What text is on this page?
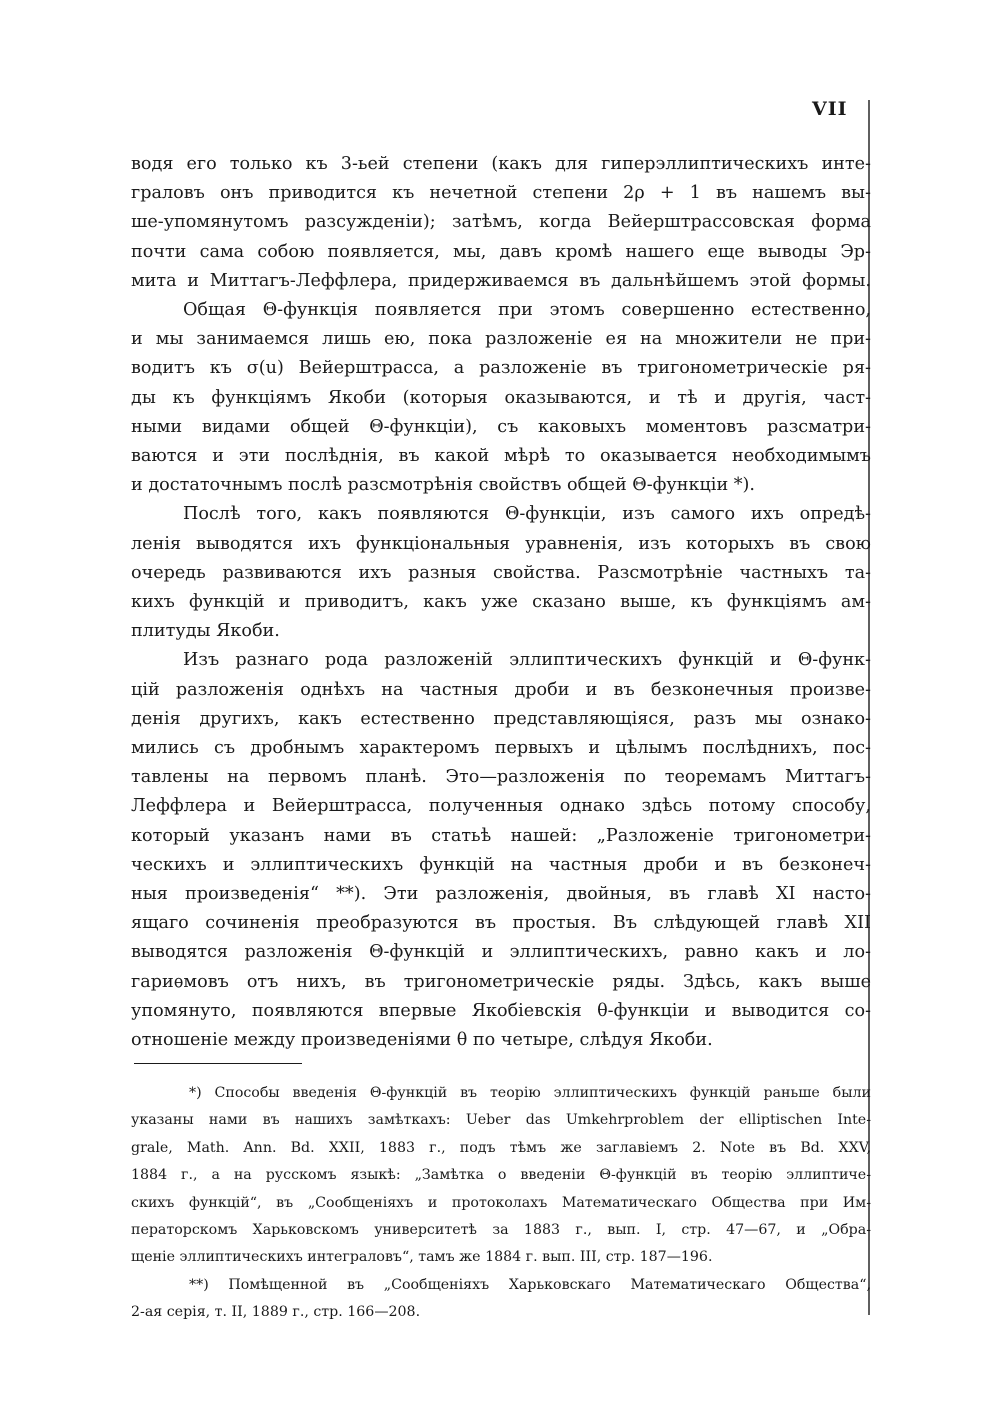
VII

водя его только къ 3-ьей степени (какъ для гиперэллиптическихъ инте-
граловъ онъ приводится къ нечетной степени 2ρ + 1 въ нашемъ вы-
ше-упомянутомъ разсужденіи); затѣмъ, когда Вейерштрассовская форма
почти сама собою появляется, мы, давъ кромѣ нашего еще выводы Эр-
мита и Миттагъ-Леффлера, придерживаемся въ дальнѣйшемъ этой формы.

Общая Θ-функція появляется при этомъ совершенно естественно,
и мы занимаемся лишь ею, пока разложеніе ея на множители не при-
водитъ къ σ(u) Вейерштрасса, а разложеніе въ тригонометрическіе ря-
ды къ функціямъ Якоби (которыя оказываются, и тѣ и другія, част-
ными видами общей Θ-функціи), съ каковыхъ моментовъ разсматри-
ваются и эти послѣднія, въ какой мѣрѣ то оказывается необходимымъ
и достаточнымъ послѣ разсмотрѣнія свойствъ общей Θ-функціи *).

Послѣ того, какъ появляются Θ-функціи, изъ самого ихъ опредѣ-
ленія выводятся ихъ функціональныя уравненія, изъ которыхъ въ свою
очередь развиваются ихъ разныя свойства. Разсмотрѣніе частныхъ та-
кихъ функцій и приводитъ, какъ уже сказано выше, къ функціямъ ам-
плитуды Якоби.

Изъ разнаго рода разложеній эллиптическихъ функцій и Θ-функ-
цій разложенія однѣхъ на частныя дроби и въ безконечныя произве-
денія другихъ, какъ естественно представляющіяся, разъ мы ознако-
мились съ дробнымъ характеромъ первыхъ и цѣлымъ послѣднихъ, пос-
тавлены на первомъ планѣ. Это—разложенія по теоремамъ Миттагъ-
Леффлера и Вейерштрасса, полученныя однако здѣсь потому способу,
который указанъ нами въ статьѣ нашей: „Разложеніе тригонометри-
ческихъ и эллиптическихъ функцій на частныя дроби и въ безконеч-
ныя произведенія“ **). Эти разложенія, двойныя, въ главѣ XI насто-
ящаго сочиненія преобразуются въ простыя. Въ слѣдующей главѣ XII
выводятся разложенія Θ-функцій и эллиптическихъ, равно какъ и ло-
гариѳмовъ отъ нихъ, въ тригонометрическіе ряды. Здѣсь, какъ выше
упомянуто, появляются впервые Якобіевскія θ-функціи и выводится со-
отношеніе между произведеніями θ по четыре, слѣдуя Якоби.

*) Способы введенія Θ-функцій въ теорію эллиптическихъ функцій раньше были
указаны нами въ нашихъ замѣткахъ: Ueber das Umkehrproblem der elliptischen Inte-
grale, Math. Ann. Bd. XXII, 1883 г., подъ тѣмъ же заглавіемъ 2. Note въ Bd. XXV,
1884 г., а на русскомъ языкѣ: „Замѣтка о введеніи Θ-функцій въ теорію эллиптиче-
скихъ функцій“, въ „Сообщеніяхъ и протоколахъ Математическаго Общества при Им-
ператорскомъ Харьковскомъ университетѣ за 1883 г., вып. I, стр. 47—67, и „Обра-
щеніе эллиптическихъ интеграловъ“, тамъ же 1884 г. вып. III, стр. 187—196.
**) Помѣщенной въ „Сообщеніяхъ Харьковскаго Математическаго Общества“,
2-ая серія, т. II, 1889 г., стр. 166—208.
